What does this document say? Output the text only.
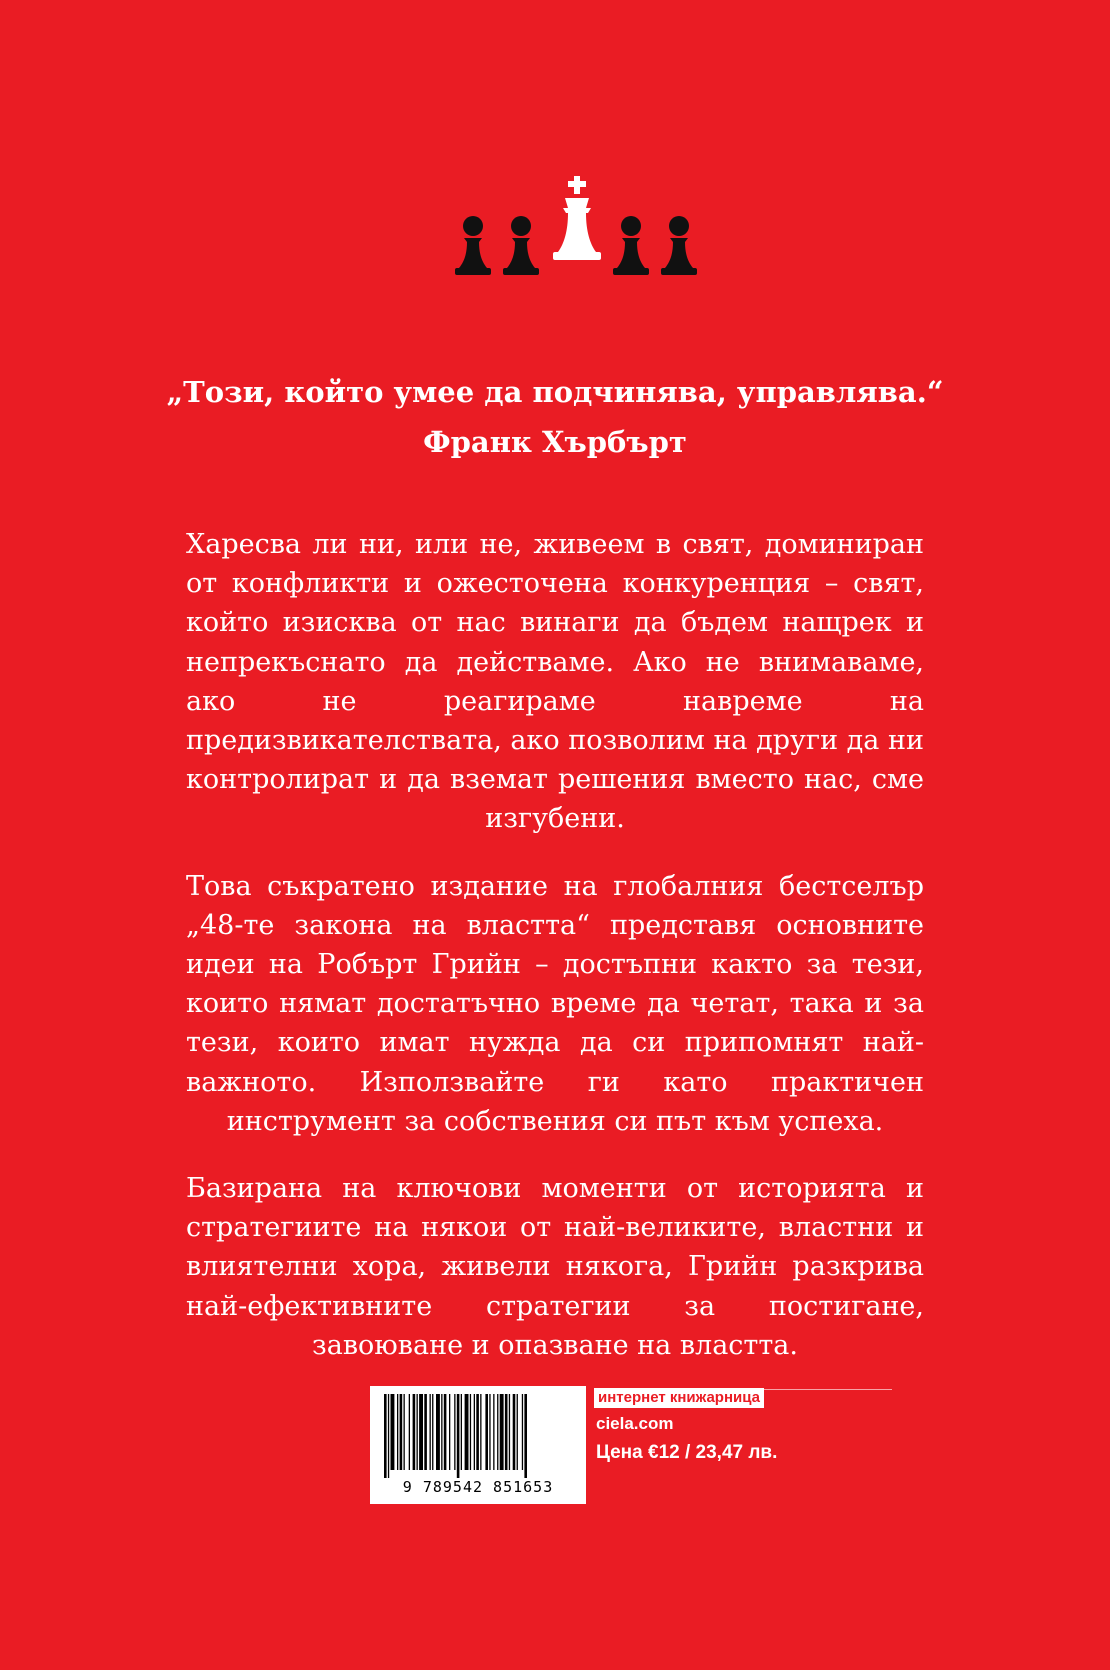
„Този, който умее да подчинява, управлява.“
Франк Хърбърт

Харесва ли ни, или не, живеем в свят, доминиран от конфликти и ожесточена конкуренция – свят, който изисква от нас винаги да бъдем нащрек и непрекъснато да действаме. Ако не внимаваме, ако не реагираме навреме на предизвикателствата, ако позволим на други да ни контролират и да вземат решения вместо нас, сме изгубени.

Това съкратено издание на глобалния бестселър „48-те закона на властта“ представя основните идеи на Робърт Грийн – достъпни както за тези, които нямат достатъчно време да четат, така и за тези, които имат нужда да си припомнят най-важното. Използвайте ги като практичен инструмент за собствения си път към успеха.

Базирана на ключови моменти от историята и стратегиите на някои от най-великите, властни и влиятелни хора, живели някога, Грийн разкрива най-ефективните стратегии за постигане, завоюване и опазване на властта.

9 789542 851653
интернет книжарница
ciela.com
Цена €12 / 23,47 лв.
